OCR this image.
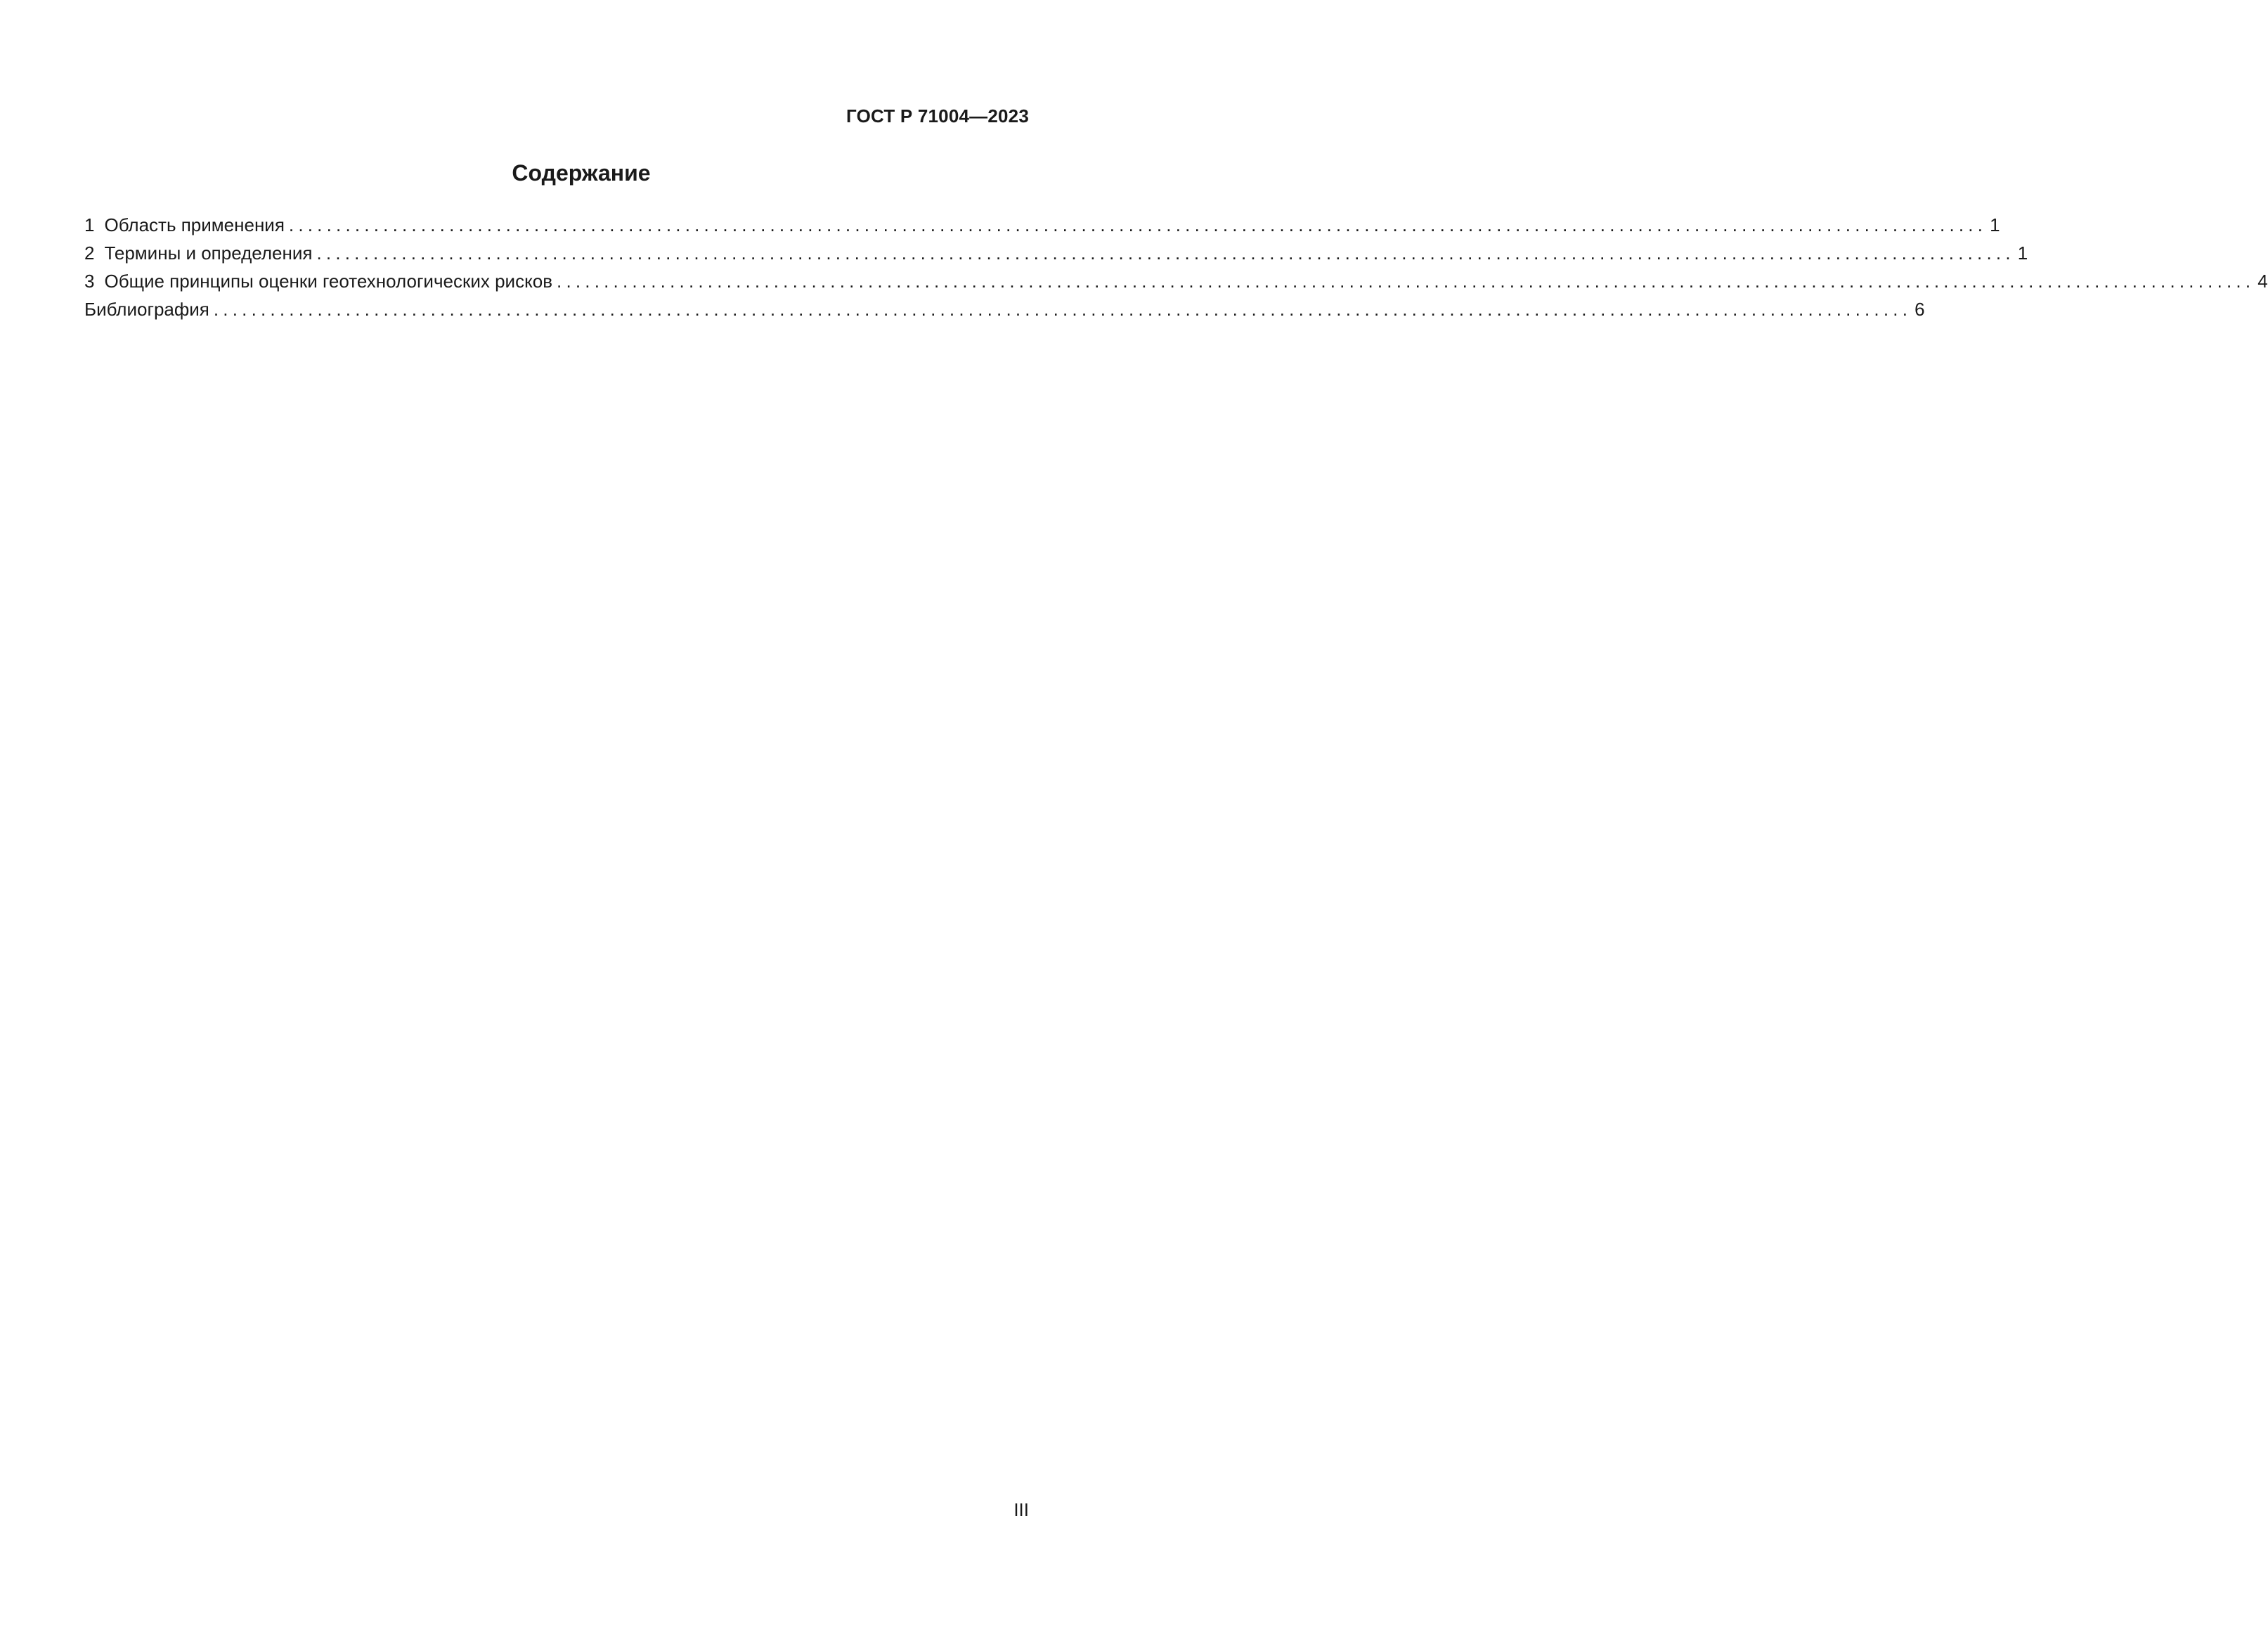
ГОСТ Р 71004—2023
Содержание
1 Область применения .................................................................................................................................................................................... 1
2 Термины и определения .................................................................................................................................................................................... 1
3 Общие принципы оценки геотехнологических рисков .................................................................................................................................................................................... 4
Библиография .................................................................................................................................................................................... 6
III
